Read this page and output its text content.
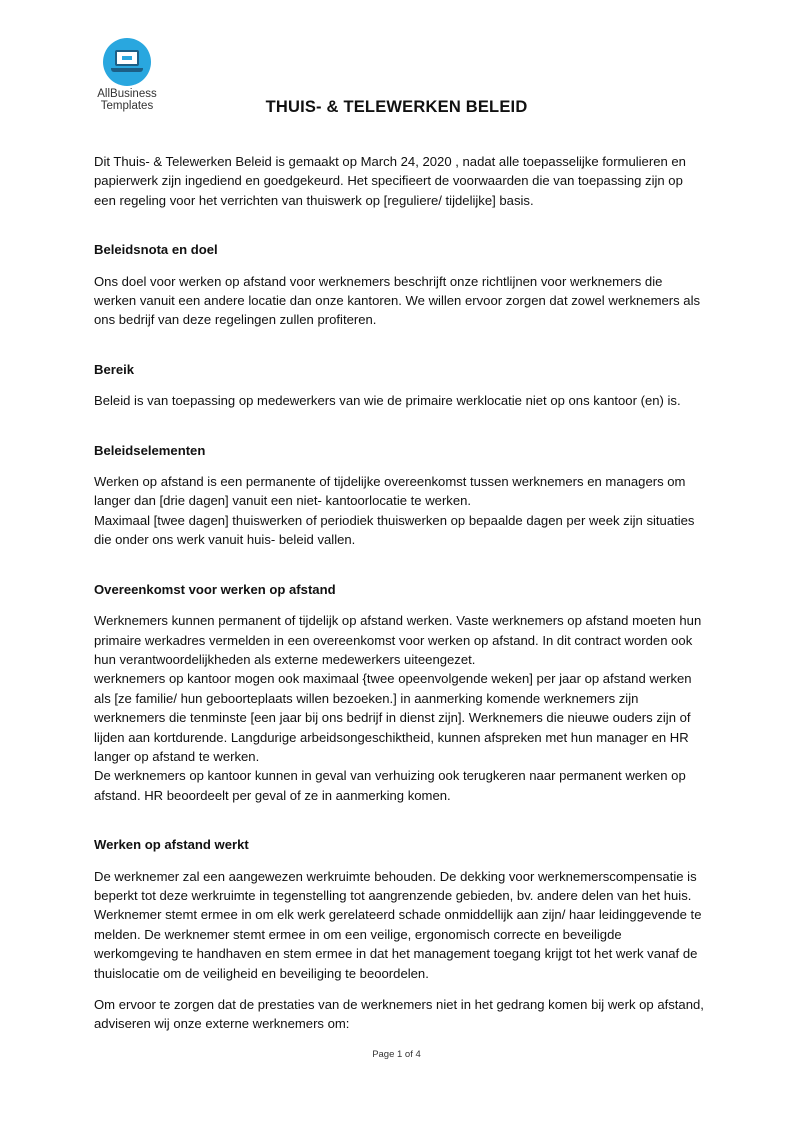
AllBusiness
Templates	THUIS- & TELEWERKEN BELEID

Dit Thuis- & Telewerken Beleid is gemaakt op March 24, 2020 , nadat alle toepasselijke formulieren en papierwerk zijn ingediend en goedgekeurd. Het specifieert de voorwaarden die van toepassing zijn op een regeling voor het verrichten van thuiswerk op [reguliere/ tijdelijke] basis.

Beleidsnota en doel

Ons doel voor werken op afstand voor werknemers beschrijft onze richtlijnen voor werknemers die werken vanuit een andere locatie dan onze kantoren. We willen ervoor zorgen dat zowel werknemers als ons bedrijf van deze regelingen zullen profiteren.

Bereik

Beleid is van toepassing op medewerkers van wie de primaire werklocatie niet op ons kantoor (en) is.

Beleidselementen

Werken op afstand is een permanente of tijdelijke overeenkomst tussen werknemers en managers om langer dan [drie dagen] vanuit een niet- kantoorlocatie te werken.

Maximaal [twee dagen] thuiswerken of periodiek thuiswerken op bepaalde dagen per week zijn situaties die onder ons werk vanuit huis- beleid vallen.

Overeenkomst voor werken op afstand

Werknemers kunnen permanent of tijdelijk op afstand werken. Vaste werknemers op afstand moeten hun primaire werkadres vermelden in een overeenkomst voor werken op afstand. In dit contract worden ook hun verantwoordelijkheden als externe medewerkers uiteengezet.

werknemers op kantoor mogen ook maximaal {twee opeenvolgende weken] per jaar op afstand werken als [ze familie/ hun geboorteplaats willen bezoeken.] in aanmerking komende werknemers zijn werknemers die tenminste [een jaar bij ons bedrijf in dienst zijn]. Werknemers die nieuwe ouders zijn of lijden aan kortdurende. Langdurige arbeidsongeschiktheid, kunnen afspreken met hun manager en HR langer op afstand te werken.

De werknemers op kantoor kunnen in geval van verhuizing ook terugkeren naar permanent werken op afstand. HR beoordeelt per geval of ze in aanmerking komen.

Werken op afstand werkt

De werknemer zal een aangewezen werkruimte behouden. De dekking voor werknemerscompensatie is beperkt tot deze werkruimte in tegenstelling tot aangrenzende gebieden, bv. andere delen van het huis. Werknemer stemt ermee in om elk werk gerelateerd schade onmiddellijk aan zijn/ haar leidinggevende te melden. De werknemer stemt ermee in om een veilige, ergonomisch correcte en beveiligde werkomgeving te handhaven en stem ermee in dat het management toegang krijgt tot het werk vanaf de thuislocatie om de veiligheid en beveiliging te beoordelen.

Om ervoor te zorgen dat de prestaties van de werknemers niet in het gedrang komen bij werk op afstand, adviseren wij onze externe werknemers om:

Page 1 of 4
